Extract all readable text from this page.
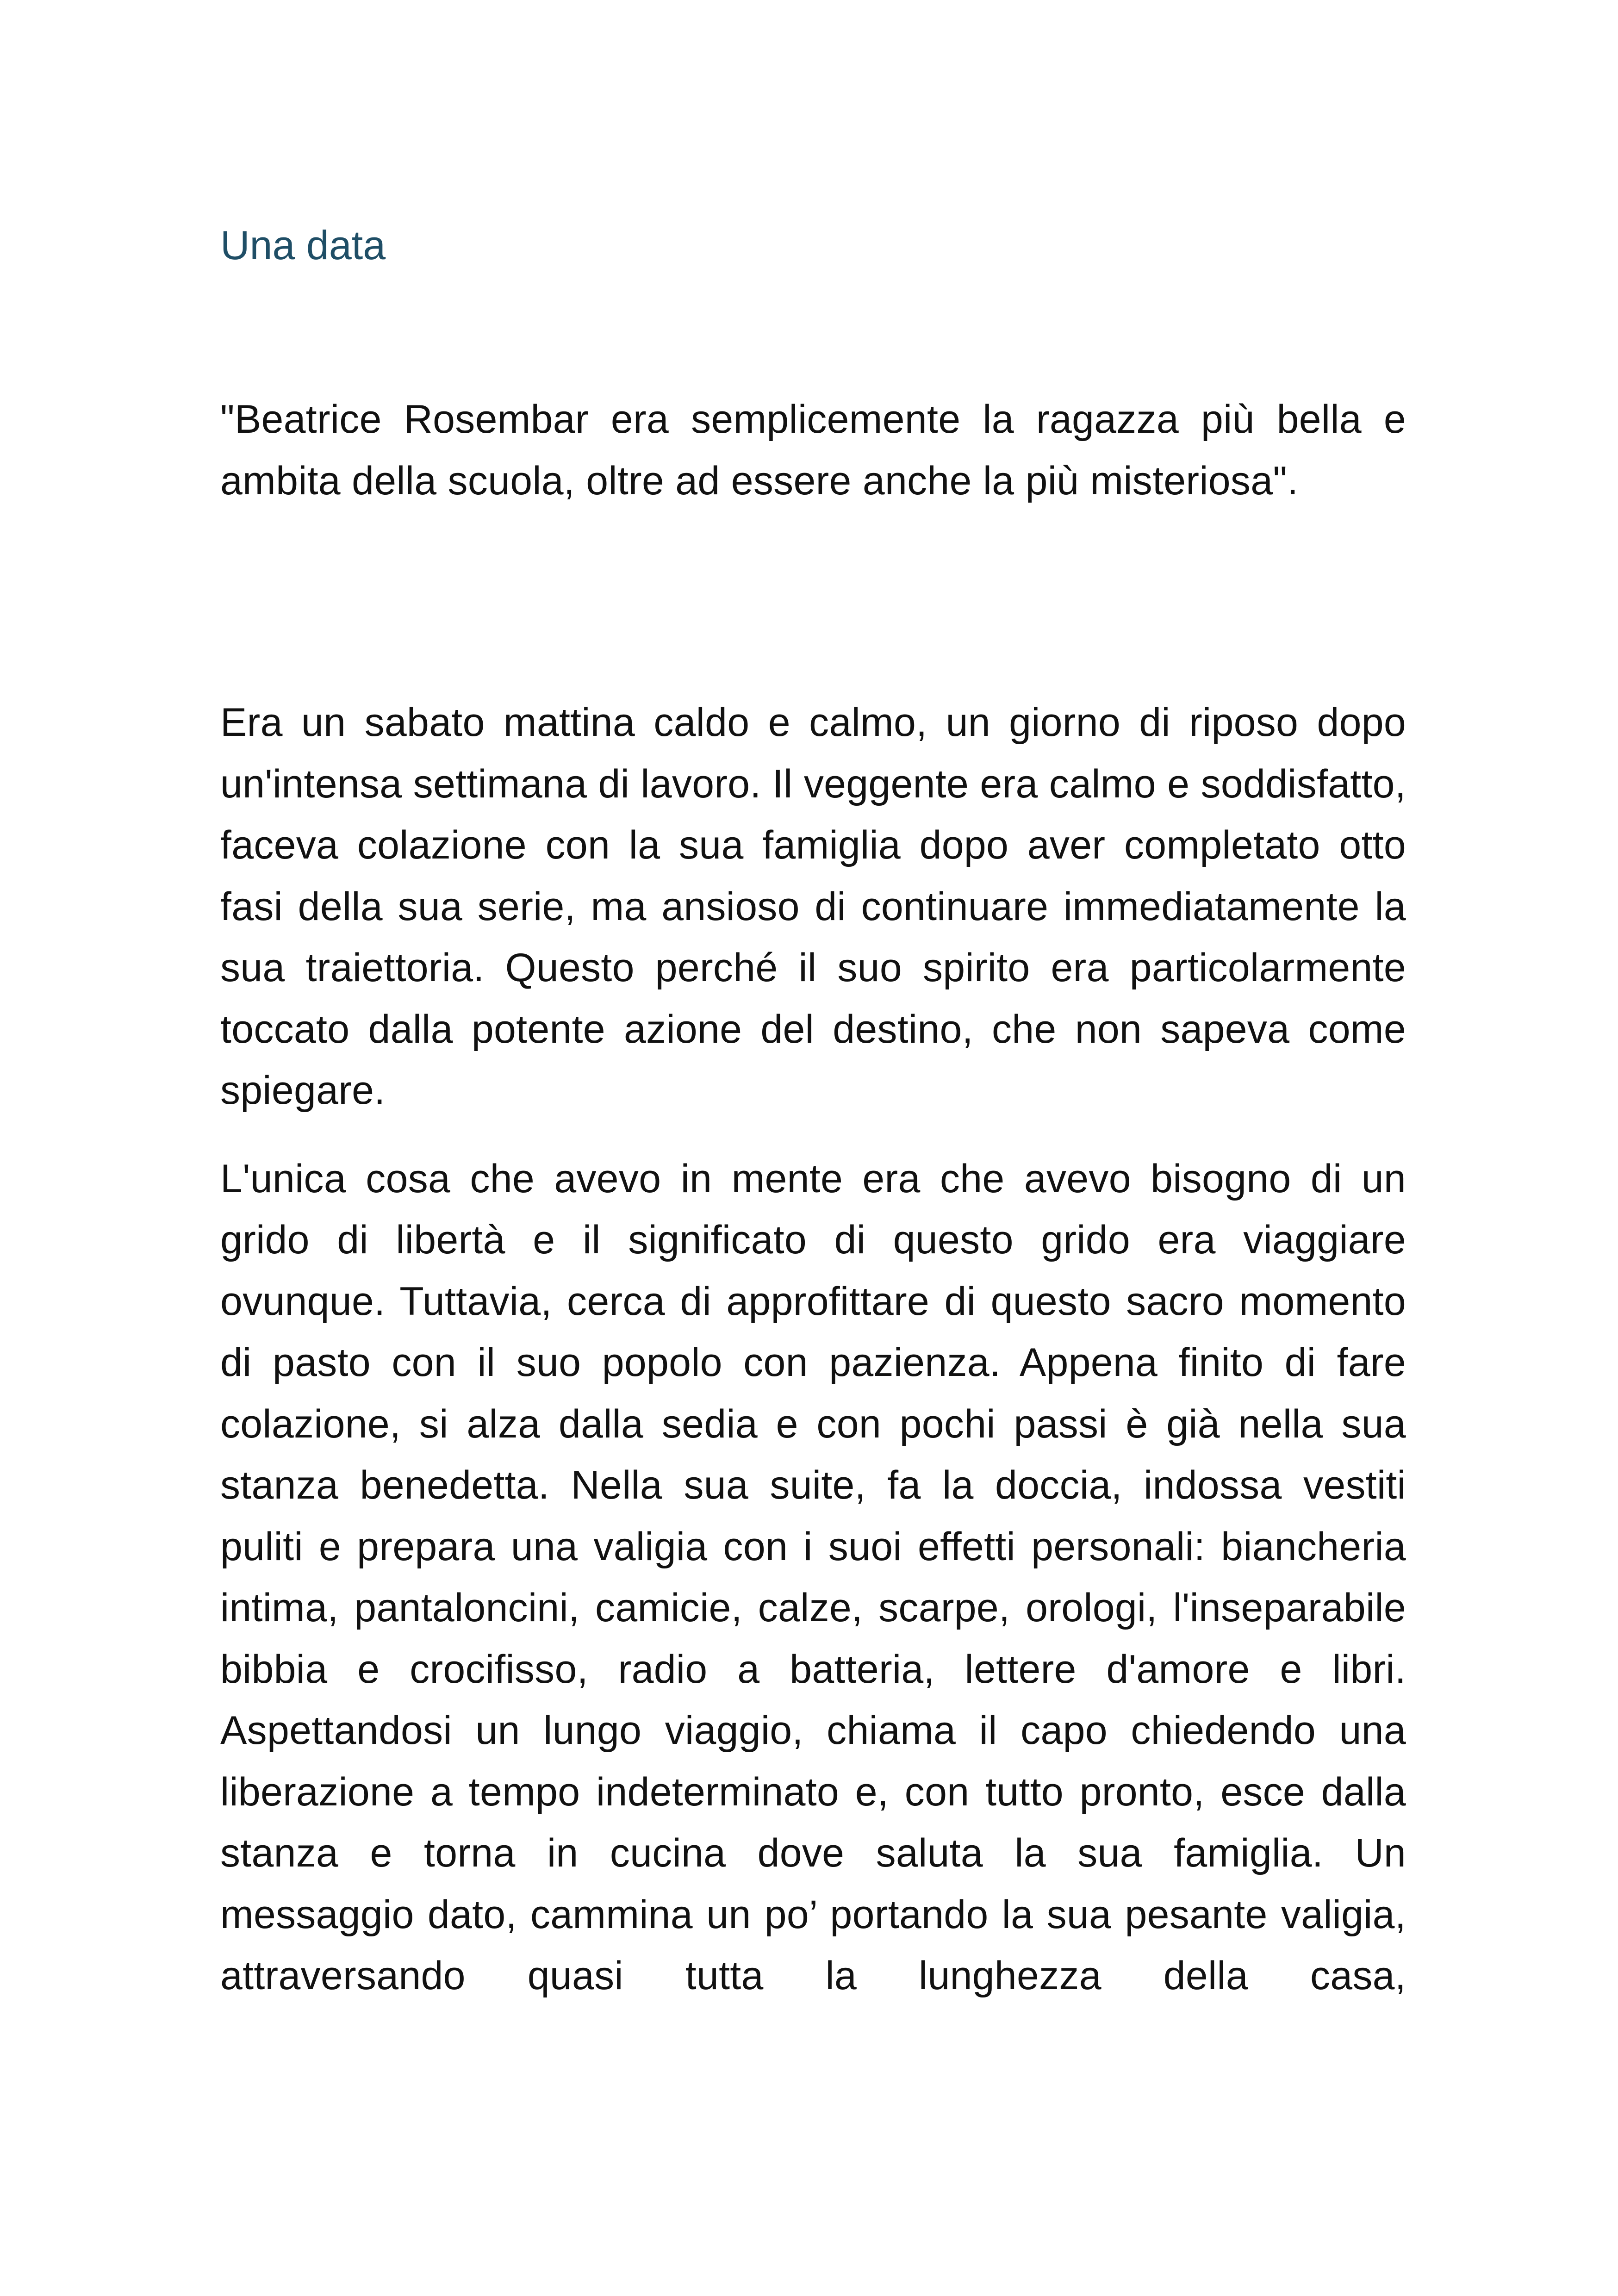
Una data

"Beatrice Rosembar era semplicemente la ragazza più bella e ambita della scuola, oltre ad essere anche la più misteriosa".

Era un sabato mattina caldo e calmo, un giorno di riposo dopo un'intensa settimana di lavoro. Il veggente era calmo e soddisfatto, faceva colazione con la sua famiglia dopo aver completato otto fasi della sua serie, ma ansioso di continuare immediatamente la sua traiettoria. Questo perché il suo spirito era particolarmente toccato dalla potente azione del destino, che non sapeva come spiegare.

L'unica cosa che avevo in mente era che avevo bisogno di un grido di libertà e il significato di questo grido era viaggiare ovunque. Tuttavia, cerca di approfittare di questo sacro momento di pasto con il suo popolo con pazienza. Appena finito di fare colazione, si alza dalla sedia e con pochi passi è già nella sua stanza benedetta. Nella sua suite, fa la doccia, indossa vestiti puliti e prepara una valigia con i suoi effetti personali: biancheria intima, pantaloncini, camicie, calze, scarpe, orologi, l'inseparabile bibbia e crocifisso, radio a batteria, lettere d'amore e libri. Aspettandosi un lungo viaggio, chiama il capo chiedendo una liberazione a tempo indeterminato e, con tutto pronto, esce dalla stanza e torna in cucina dove saluta la sua famiglia. Un messaggio dato, cammina un po’ portando la sua pesante valigia, attraversando quasi tutta la lunghezza della casa,
